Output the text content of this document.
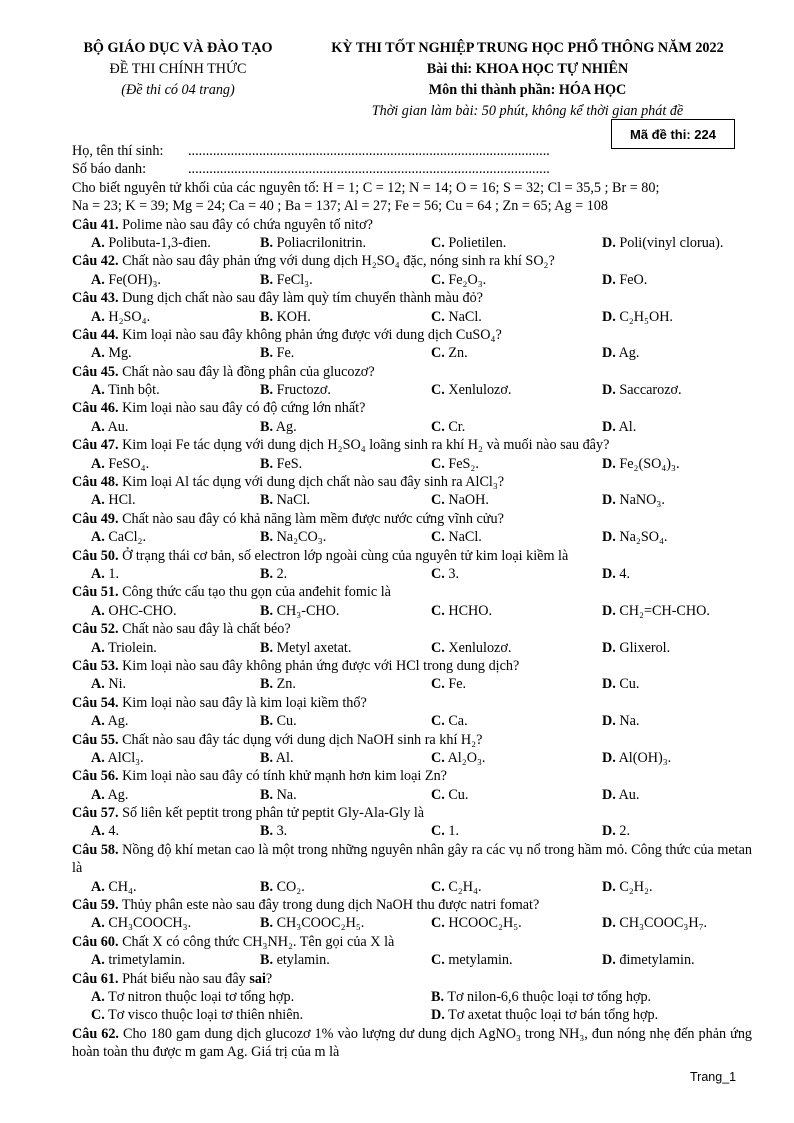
BỘ GIÁO DỤC VÀ ĐÀO TẠO
ĐỀ THI CHÍNH THỨC
(Đề thi có 04 trang)
KỲ THI TỐT NGHIỆP TRUNG HỌC PHỔ THÔNG NĂM 2022
Bài thi: KHOA HỌC TỰ NHIÊN
Môn thi thành phần: HÓA HỌC
Thời gian làm bài: 50 phút, không kể thời gian phát đề
Mã đề thi: 224
Họ, tên thí sinh: ......................................................................................................
Số báo danh:	......................................................................................................
Cho biết nguyên tử khối của các nguyên tố: H = 1; C = 12; N = 14; O = 16; S = 32; Cl = 35,5 ; Br = 80;
Na = 23; K = 39; Mg = 24; Ca = 40 ; Ba = 137; Al = 27; Fe = 56; Cu = 64 ; Zn = 65; Ag = 108
Câu 41. Polime nào sau đây có chứa nguyên tố nitơ?
A. Polibuta-1,3-đien.	B. Poliacrilonitrin.	C. Polietilen.	D. Poli(vinyl clorua).
Câu 42. Chất nào sau đây phản ứng với dung dịch H₂SO₄ đặc, nóng sinh ra khí SO₂?
A. Fe(OH)₃.	B. FeCl₃.	C. Fe₂O₃.	D. FeO.
Câu 43. Dung dịch chất nào sau đây làm quỳ tím chuyển thành màu đỏ?
A. H₂SO₄.	B. KOH.	C. NaCl.	D. C₂H₅OH.
Câu 44. Kim loại nào sau đây không phản ứng được với dung dịch CuSO₄?
A. Mg.	B. Fe.	C. Zn.	D. Ag.
Câu 45. Chất nào sau đây là đồng phân của glucozơ?
A. Tinh bột.	B. Fructozơ.	C. Xenlulozơ.	D. Saccarozơ.
Câu 46. Kim loại nào sau đây có độ cứng lớn nhất?
A. Au.	B. Ag.	C. Cr.	D. Al.
Câu 47. Kim loại Fe tác dụng với dung dịch H₂SO₄ loãng sinh ra khí H₂ và muối nào sau đây?
A. FeSO₄.	B. FeS.	C. FeS₂.	D. Fe₂(SO₄)₃.
Câu 48. Kim loại Al tác dụng với dung dịch chất nào sau đây sinh ra AlCl₃?
A. HCl.	B. NaCl.	C. NaOH.	D. NaNO₃.
Câu 49. Chất nào sau đây có khả năng làm mềm được nước cứng vĩnh cửu?
A. CaCl₂.	B. Na₂CO₃.	C. NaCl.	D. Na₂SO₄.
Câu 50. Ở trạng thái cơ bản, số electron lớp ngoài cùng của nguyên tử kim loại kiềm là
A. 1.	B. 2.	C. 3.	D. 4.
Câu 51. Công thức cấu tạo thu gọn của anđehit fomic là
A. OHC-CHO.	B. CH₃-CHO.	C. HCHO.	D. CH₂=CH-CHO.
Câu 52. Chất nào sau đây là chất béo?
A. Triolein.	B. Metyl axetat.	C. Xenlulozơ.	D. Glixerol.
Câu 53. Kim loại nào sau đây không phản ứng được với HCl trong dung dịch?
A. Ni.	B. Zn.	C. Fe.	D. Cu.
Câu 54. Kim loại nào sau đây là kim loại kiềm thổ?
A. Ag.	B. Cu.	C. Ca.	D. Na.
Câu 55. Chất nào sau đây tác dụng với dung dịch NaOH sinh ra khí H₂?
A. AlCl₃.	B. Al.	C. Al₂O₃.	D. Al(OH)₃.
Câu 56. Kim loại nào sau đây có tính khử mạnh hơn kim loại Zn?
A. Ag.	B. Na.	C. Cu.	D. Au.
Câu 57. Số liên kết peptit trong phân tử peptit Gly-Ala-Gly là
A. 4.	B. 3.	C. 1.	D. 2.
Câu 58. Nồng độ khí metan cao là một trong những nguyên nhân gây ra các vụ nổ trong hầm mỏ. Công thức của metan là
A. CH₄.	B. CO₂.	C. C₂H₄.	D. C₂H₂.
Câu 59. Thủy phân este nào sau đây trong dung dịch NaOH thu được natri fomat?
A. CH₃COOCH₃.	B. CH₃COOC₂H₅.	C. HCOOC₂H₅.	D. CH₃COOC₃H₇.
Câu 60. Chất X có công thức CH₃NH₂. Tên gọi của X là
A. trimetylamin.	B. etylamin.	C. metylamin.	D. đimetylamin.
Câu 61. Phát biểu nào sau đây sai?
A. Tơ nitron thuộc loại tơ tổng hợp.	B. Tơ nilon-6,6 thuộc loại tơ tổng hợp.
C. Tơ visco thuộc loại tơ thiên nhiên.	D. Tơ axetat thuộc loại tơ bán tổng hợp.
Câu 62. Cho 180 gam dung dịch glucozơ 1% vào lượng dư dung dịch AgNO₃ trong NH₃, đun nóng nhẹ đến phản ứng hoàn toàn thu được m gam Ag. Giá trị của m là
Trang_1
